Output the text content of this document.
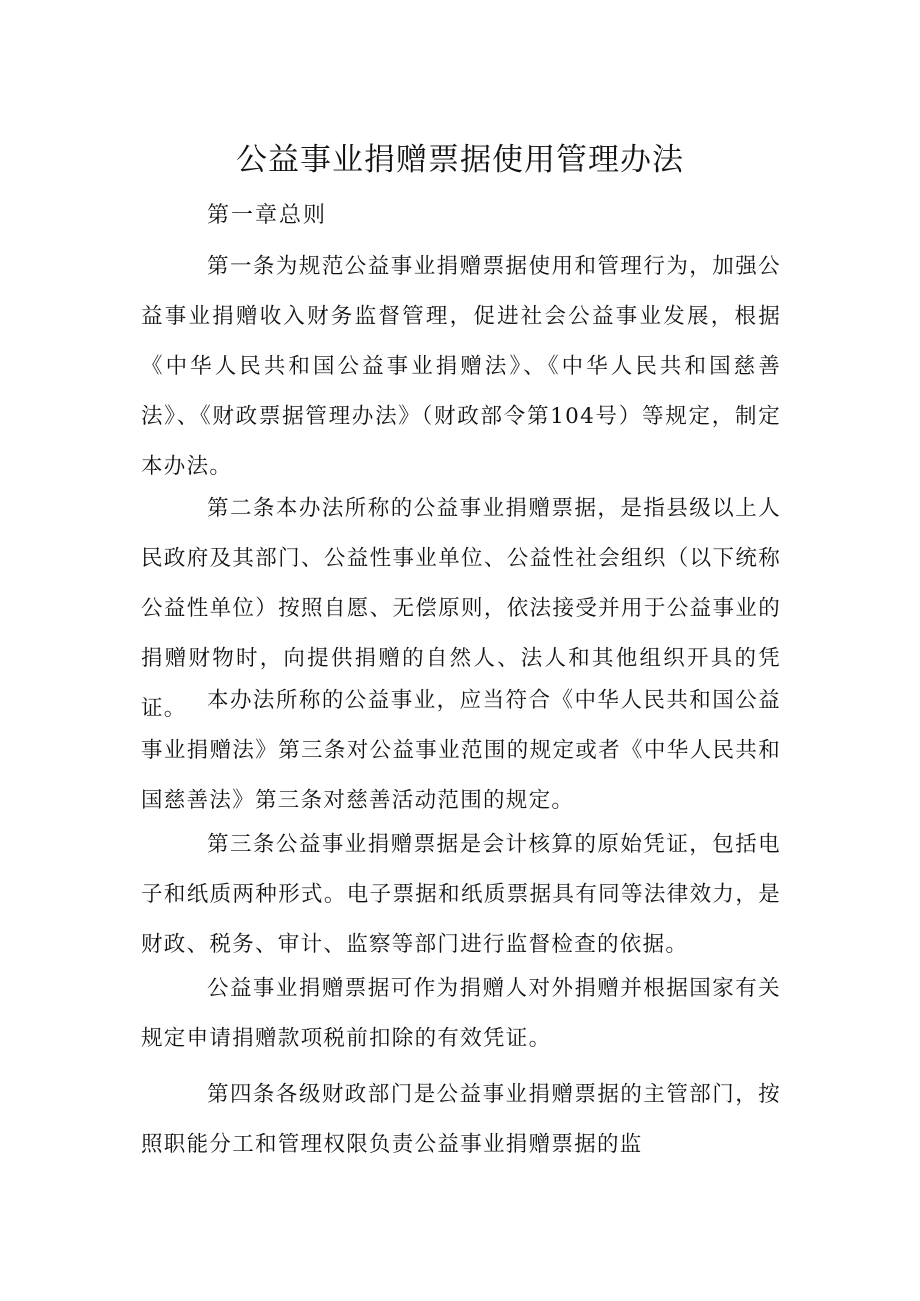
公益事业捐赠票据使用管理办法

第一章总则

第一条为规范公益事业捐赠票据使用和管理行为，加强公益事业捐赠收入财务监督管理，促进社会公益事业发展，根据《中华人民共和国公益事业捐赠法》、《中华人民共和国慈善法》、《财政票据管理办法》（财政部令第104号）等规定，制定本办法。

第二条本办法所称的公益事业捐赠票据，是指县级以上人民政府及其部门、公益性事业单位、公益性社会组织（以下统称公益性单位）按照自愿、无偿原则，依法接受并用于公益事业的捐赠财物时，向提供捐赠的自然人、法人和其他组织开具的凭证。 本办法所称的公益事业，应当符合《中华人民共和国公益事业捐赠法》第三条对公益事业范围的规定或者《中华人民共和国慈善法》第三条对慈善活动范围的规定。

第三条公益事业捐赠票据是会计核算的原始凭证，包括电子和纸质两种形式。电子票据和纸质票据具有同等法律效力，是财政、税务、审计、监察等部门进行监督检查的依据。

公益事业捐赠票据可作为捐赠人对外捐赠并根据国家有关规定申请捐赠款项税前扣除的有效凭证。

第四条各级财政部门是公益事业捐赠票据的主管部门，按照职能分工和管理权限负责公益事业捐赠票据的监
